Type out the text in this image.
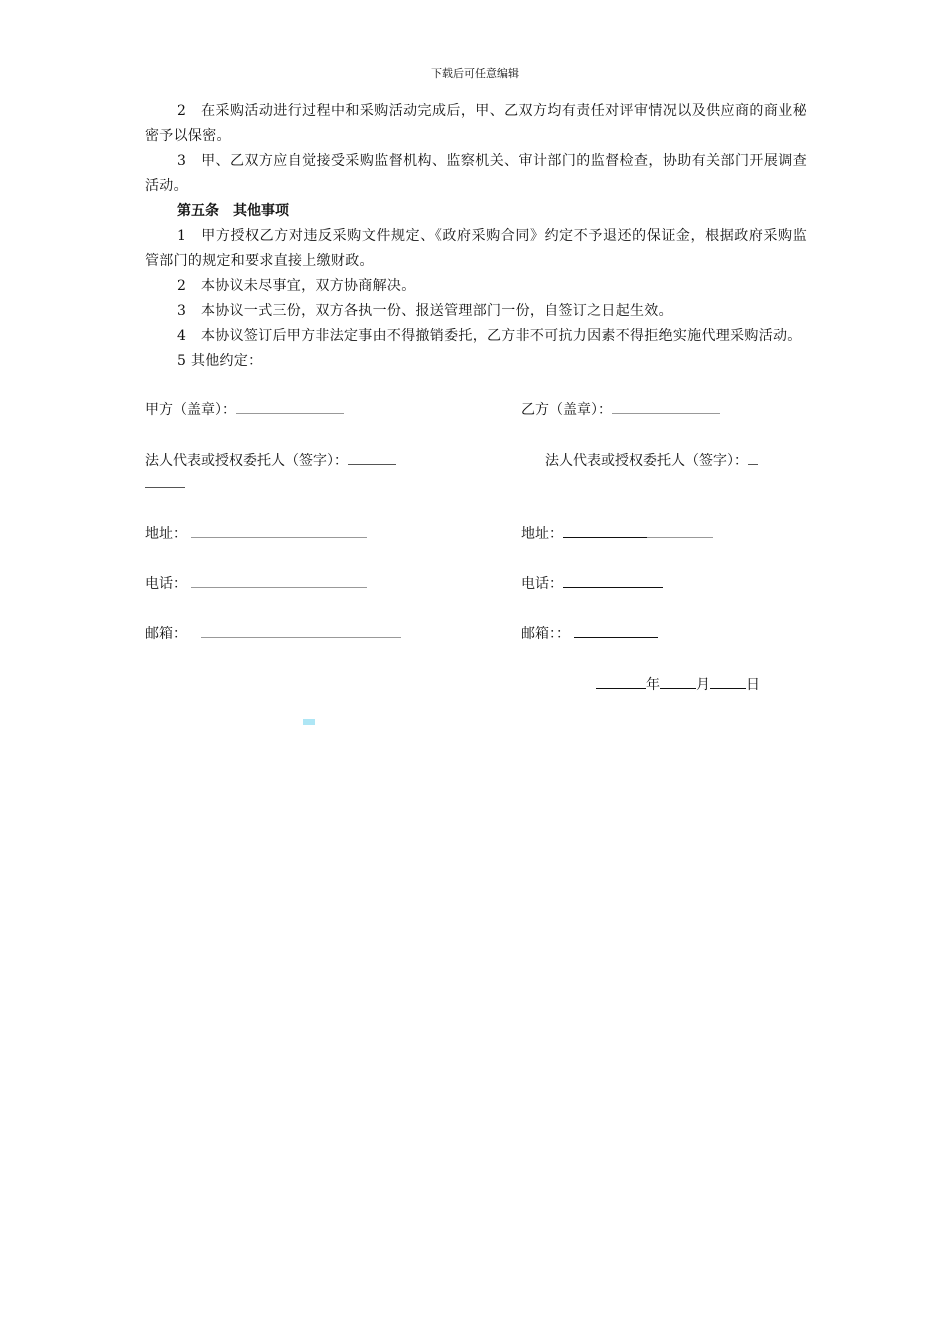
下载后可任意编辑

2 在采购活动进行过程中和采购活动完成后，甲、乙双方均有责任对评审情况以及供应商的商业秘密予以保密。

3 甲、乙双方应自觉接受采购监督机构、监察机关、审计部门的监督检查，协助有关部门开展调查活动。

第五条　其他事项

1 甲方授权乙方对违反采购文件规定、《政府采购合同》约定不予退还的保证金，根据政府采购监管部门的规定和要求直接上缴财政。

2 本协议未尽事宜，双方协商解决。

3 本协议一式三份，双方各执一份、报送管理部门一份，自签订之日起生效。

4 本协议签订后甲方非法定事由不得撤销委托，乙方非不可抗力因素不得拒绝实施代理采购活动。

5 其他约定：

甲方（盖章）：	乙方（盖章）：
法人代表或授权委托人（签字）：	法人代表或授权委托人（签字）：
地址：	地址：
电话：	电话：
邮箱：	邮箱：：
年	月	日
